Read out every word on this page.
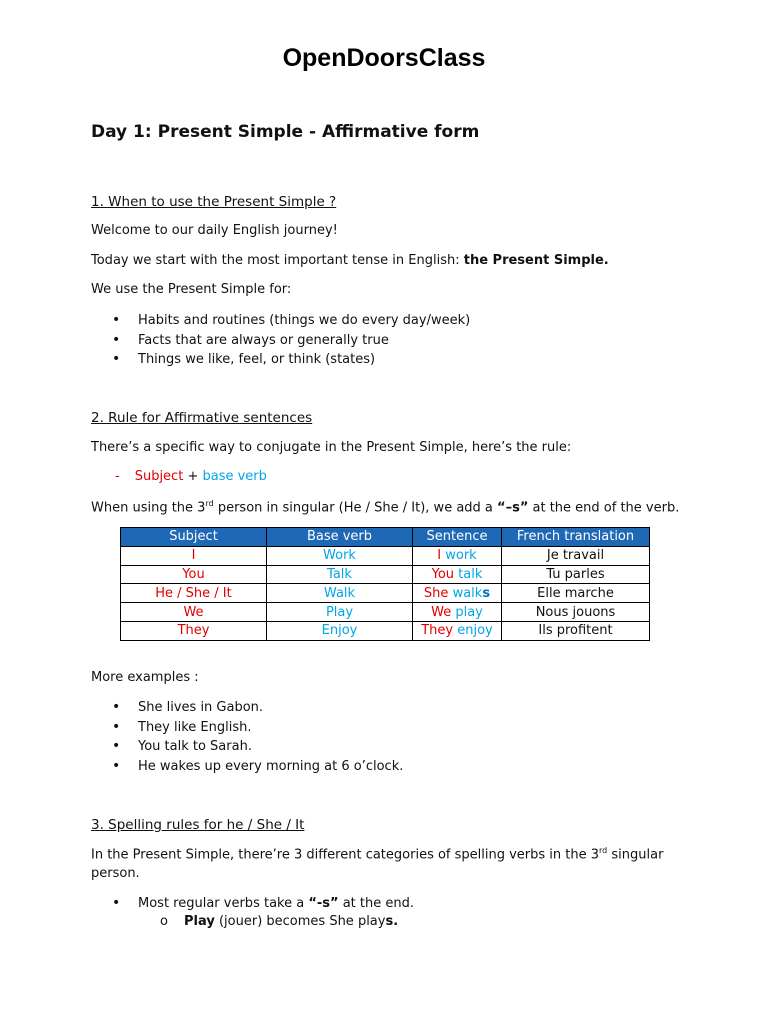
OpenDoorsClass
Day 1: Present Simple - Affirmative form
1. When to use the Present Simple ?
Welcome to our daily English journey!
Today we start with the most important tense in English: the Present Simple.
We use the Present Simple for:
• Habits and routines (things we do every day/week)
• Facts that are always or generally true
• Things we like, feel, or think (states)
2. Rule for Affirmative sentences
There’s a specific way to conjugate in the Present Simple, here’s the rule:
- Subject + base verb
When using the 3rd person in singular (He / She / It), we add a “–s” at the end of the verb.
Subject	Base verb	Sentence	French translation
I	Work	I work	Je travail
You	Talk	You talk	Tu parles
He / She / It	Walk	She walks	Elle marche
We	Play	We play	Nous jouons
They	Enjoy	They enjoy	Ils profitent
More examples :
• She lives in Gabon.
• They like English.
• You talk to Sarah.
• He wakes up every morning at 6 o’clock.
3. Spelling rules for he / She / It
In the Present Simple, there’re 3 different categories of spelling verbs in the 3rd singular
person.
• Most regular verbs take a “-s” at the end.
o Play (jouer) becomes She plays.
